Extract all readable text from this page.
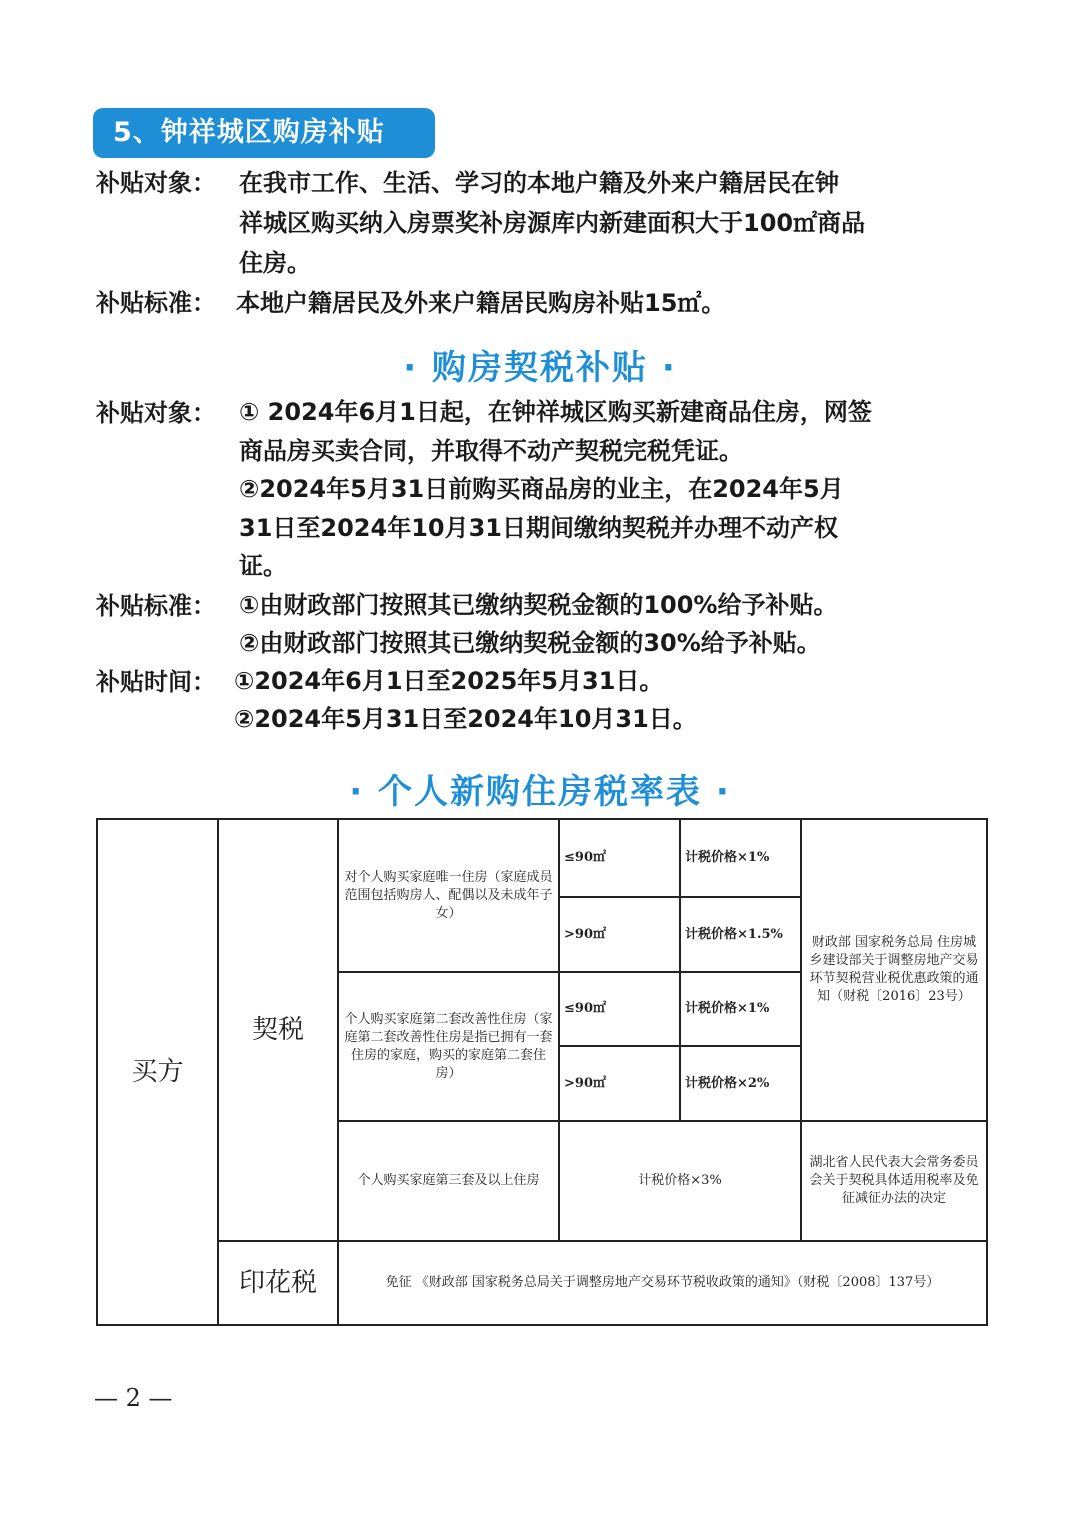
5、钟祥城区购房补贴
补贴对象： 在我市工作、生活、学习的本地户籍及外来户籍居民在钟

祥城区购买纳入房票奖补房源库内新建面积大于100㎡商品

住房。

补贴标准： 本地户籍居民及外来户籍居民购房补贴15㎡。

· 购房契税补贴 ·
补贴对象： ① 2024年6月1日起，在钟祥城区购买新建商品住房，网签

商品房买卖合同，并取得不动产契税完税凭证。

②2024年5月31日前购买商品房的业主，在2024年5月

31日至2024年10月31日期间缴纳契税并办理不动产权

证。

补贴标准： ①由财政部门按照其已缴纳契税金额的100%给予补贴。

②由财政部门按照其已缴纳契税金额的30%给予补贴。

补贴时间： ①2024年6月1日至2025年5月31日。

②2024年5月31日至2024年10月31日。

· 个人新购住房税率表 ·
买方	契税	对个人购买家庭唯一住房（家庭成员范围包括购房人、配偶以及未成年子女）	≤90㎡	计税价格×1%	财政部 国家税务总局 住房城乡建设部关于调整房地产交易环节契税营业税优惠政策的通知（财税〔2016〕23号）
			>90㎡	计税价格×1.5%	
		个人购买家庭第二套改善性住房（家庭第二套改善性住房是指已拥有一套住房的家庭，购买的家庭第二套住房）	≤90㎡	计税价格×1%	
			>90㎡	计税价格×2%	
		个人购买家庭第三套及以上住房	计税价格×3%		湖北省人民代表大会常务委员会关于契税具体适用税率及免征减征办法的决定
	印花税	免征 《财政部 国家税务总局关于调整房地产交易环节税收政策的通知》（财税〔2008〕137号）			
— 2 —
